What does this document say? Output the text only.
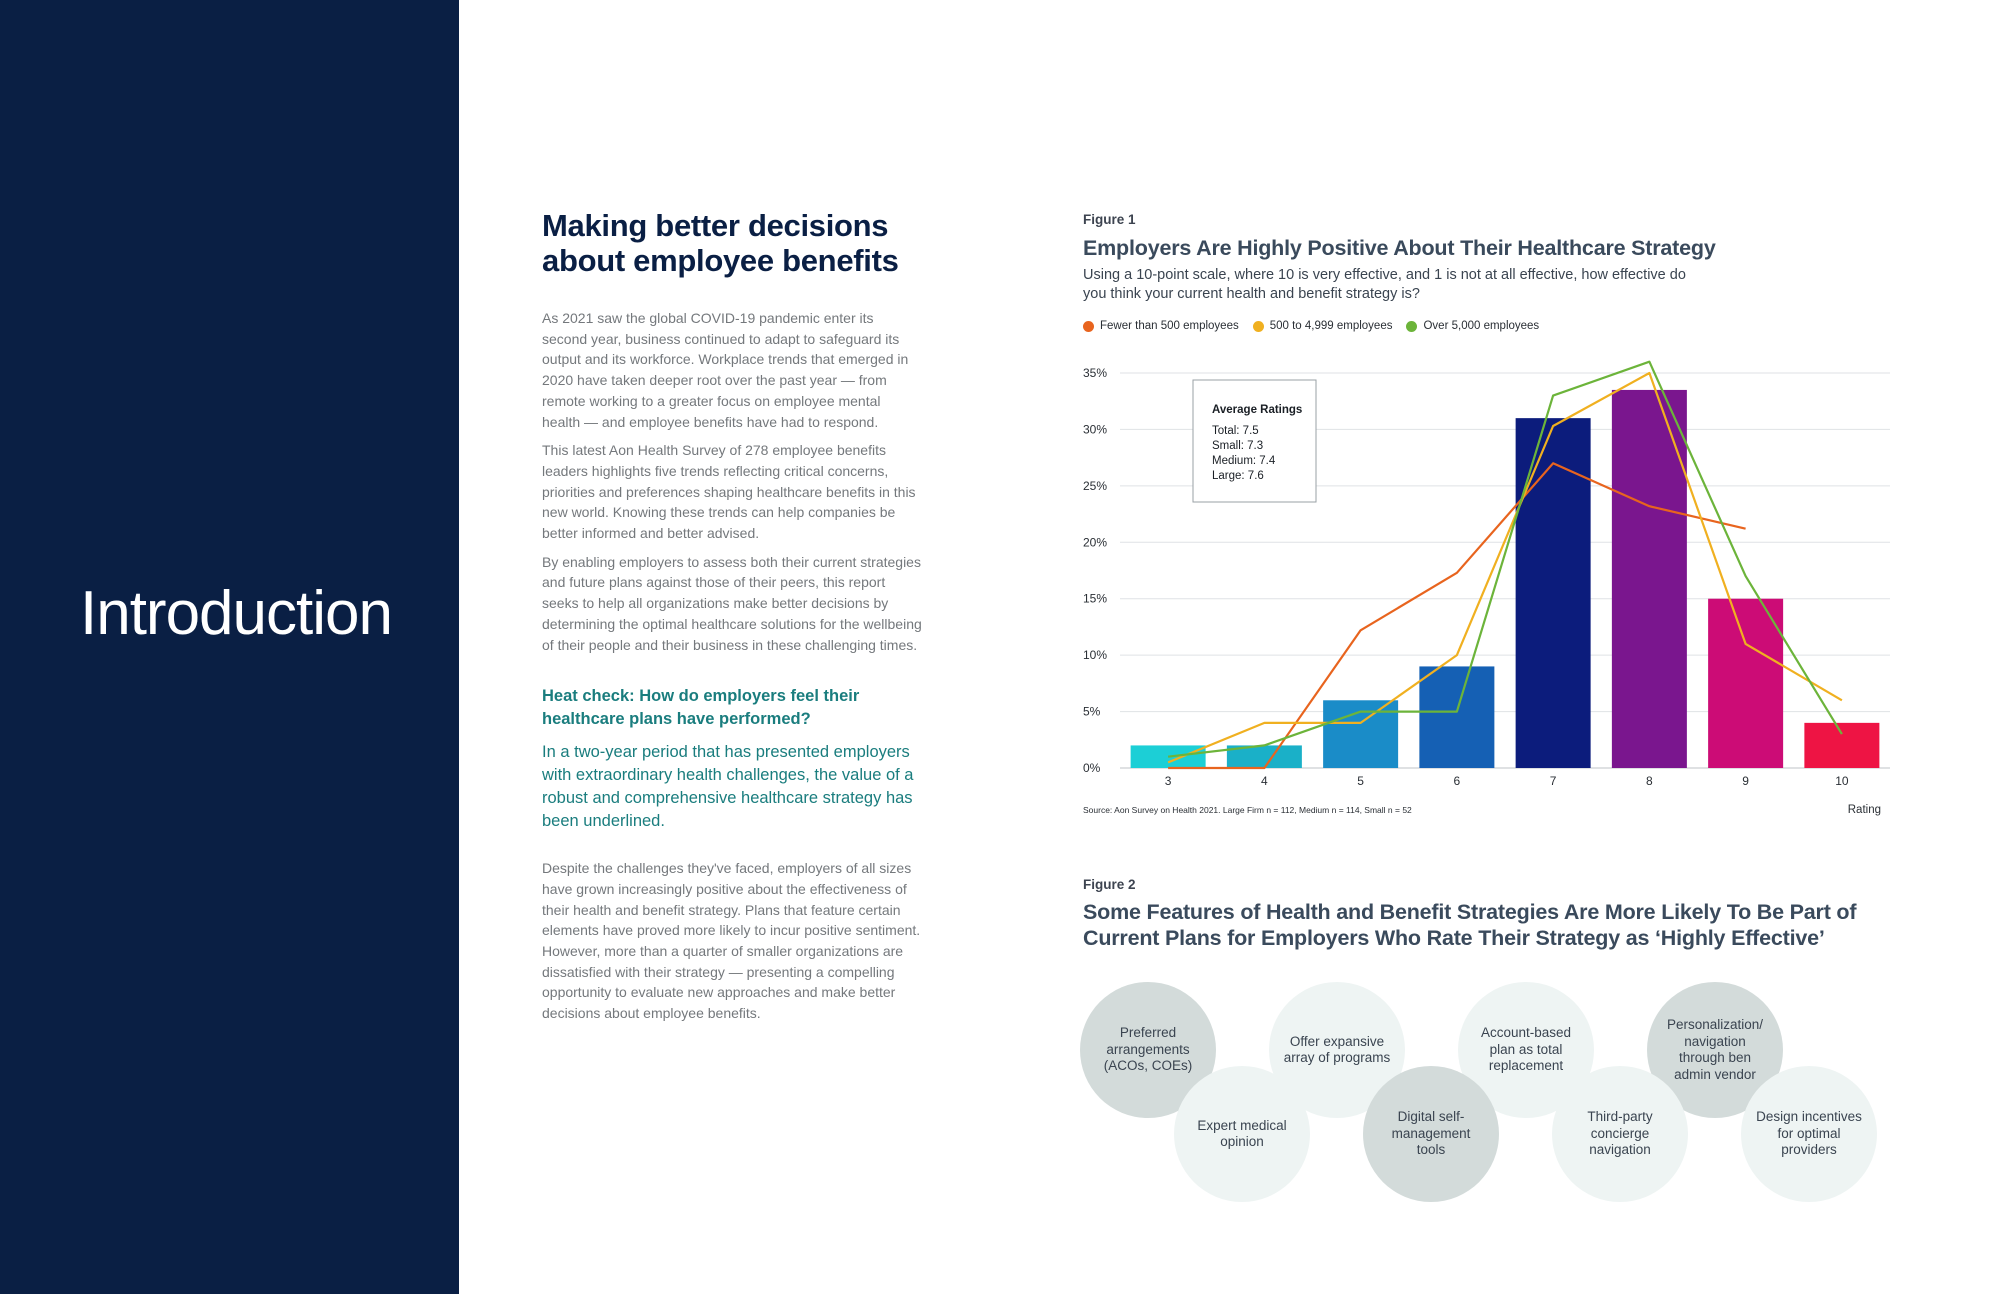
Introduction
Making better decisions about employee benefits

As 2021 saw the global COVID-19 pandemic enter its second year, business continued to adapt to safeguard its output and its workforce. Workplace trends that emerged in 2020 have taken deeper root over the past year — from remote working to a greater focus on employee mental health — and employee benefits have had to respond.

This latest Aon Health Survey of 278 employee benefits leaders highlights five trends reflecting critical concerns, priorities and preferences shaping healthcare benefits in this new world. Knowing these trends can help companies be better informed and better advised.

By enabling employers to assess both their current strategies and future plans against those of their peers, this report seeks to help all organizations make better decisions by determining the optimal healthcare solutions for the wellbeing of their people and their business in these challenging times.

Heat check: How do employers feel their healthcare plans have performed?

In a two-year period that has presented employers with extraordinary health challenges, the value of a robust and comprehensive healthcare strategy has been underlined.

Despite the challenges they've faced, employers of all sizes have grown increasingly positive about the effectiveness of their health and benefit strategy. Plans that feature certain elements have proved more likely to incur positive sentiment. However, more than a quarter of smaller organizations are dissatisfied with their strategy — presenting a compelling opportunity to evaluate new approaches and make better decisions about employee benefits.

Figure 1
Employers Are Highly Positive About Their Healthcare Strategy
Using a 10-point scale, where 10 is very effective, and 1 is not at all effective, how effective do you think your current health and benefit strategy is?
Fewer than 500 employees	500 to 4,999 employees	Over 5,000 employees
0%
5%
10%
15%
20%
25%
30%
35%
3	4	5	6	7	8	9	10
Average Ratings
Total: 7.5
Small: 7.3
Medium: 7.4
Large: 7.6
Source: Aon Survey on Health 2021. Large Firm n = 112, Medium n = 114, Small n = 52	Rating
Figure 2
Some Features of Health and Benefit Strategies Are More Likely To Be Part of Current Plans for Employers Who Rate Their Strategy as ‘Highly Effective’
Preferred arrangements (ACOs, COEs)
Offer expansive array of programs
Account-based plan as total replacement
Personalization/ navigation through ben admin vendor
Expert medical opinion
Digital self-management tools
Third-party concierge navigation
Design incentives for optimal providers
